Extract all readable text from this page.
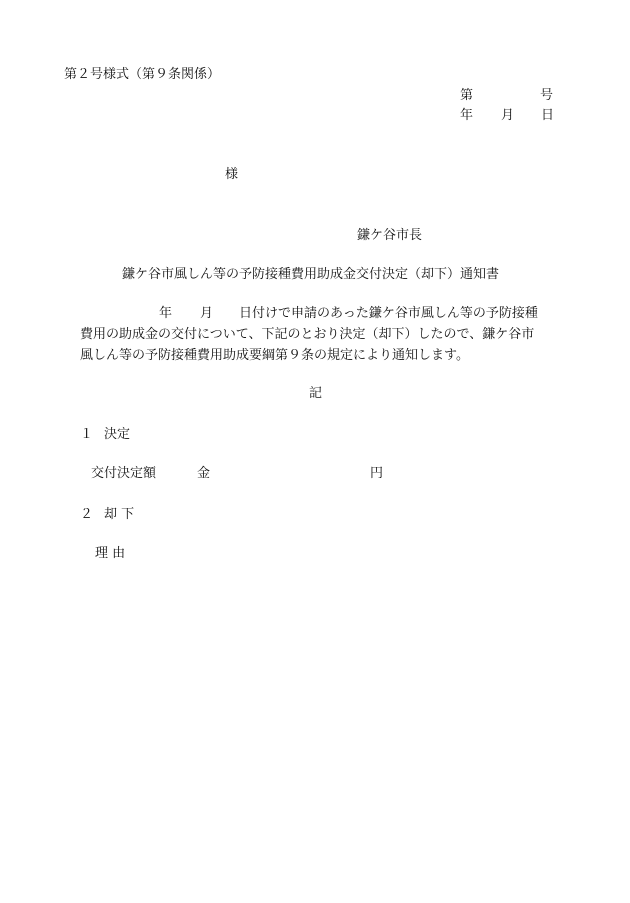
第２号様式（第９条関係）
第	号
年 月 日
様
鎌ケ谷市長
鎌ケ谷市風しん等の予防接種費用助成金交付決定（却下）通知書
年 月 日付けで申請のあった鎌ケ谷市風しん等の予防接種
費用の助成金の交付について、下記のとおり決定（却下）したので、鎌ケ谷市
風しん等の予防接種費用助成要綱第９条の規定により通知します。
記
１ 決定
交付決定額	金	円
２ 却 下
理 由
